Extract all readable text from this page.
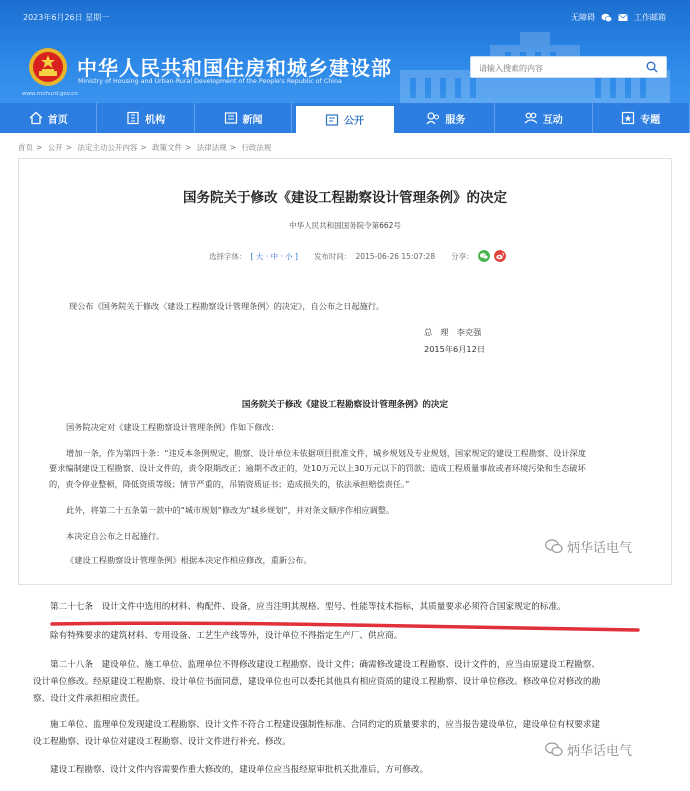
2023年6月26日 星期一	无障碍	工作邮箱
中华人民共和国住房和城乡建设部
Ministry of Housing and Urban-Rural Development of the People's Republic of China
www.mohurd.gov.cn
请输入搜索的内容
首页	机构	新闻	公开	服务	互动	专题
首页 > 公开 > 法定主动公开内容 > 政策文件 > 法律法规 > 行政法规
国务院关于修改《建设工程勘察设计管理条例》的决定
中华人民共和国国务院令第662号
选择字体： [ 大 · 中 · 小 ] 发布时间： 2015-06-26 15:07:28 分享：
现公布《国务院关于修改〈建设工程勘察设计管理条例〉的决定》，自公布之日起施行。
总　理　李克强
2015年6月12日
国务院关于修改《建设工程勘察设计管理条例》的决定
国务院决定对《建设工程勘察设计管理条例》作如下修改：
增加一条，作为第四十条：“违反本条例规定，勘察、设计单位未依据项目批准文件，城乡规划及专业规划，国家规定的建设工程勘察、设计深度
要求编制建设工程勘察、设计文件的，责令限期改正；逾期不改正的，处10万元以上30万元以下的罚款；造成工程质量事故或者环境污染和生态破坏
的，责令停业整顿，降低资质等级；情节严重的，吊销资质证书；造成损失的，依法承担赔偿责任。”
此外，将第二十五条第一款中的“城市规划”修改为“城乡规划”，并对条文顺序作相应调整。
本决定自公布之日起施行。
《建设工程勘察设计管理条例》根据本决定作相应修改，重新公布。
炳华话电气
炳华话电气
第二十七条　设计文件中选用的材料、构配件、设备，应当注明其规格、型号、性能等技术指标，其质量要求必须符合国家规定的标准。
除有特殊要求的建筑材料、专用设备、工艺生产线等外，设计单位不得指定生产厂、供应商。
第二十八条　建设单位、施工单位、监理单位不得修改建设工程勘察、设计文件；确需修改建设工程勘察、设计文件的，应当由原建设工程勘察、
设计单位修改。经原建设工程勘察、设计单位书面同意，建设单位也可以委托其他具有相应资质的建设工程勘察、设计单位修改。修改单位对修改的勘
察、设计文件承担相应责任。
施工单位、监理单位发现建设工程勘察、设计文件不符合工程建设强制性标准、合同约定的质量要求的，应当报告建设单位，建设单位有权要求建
设工程勘察、设计单位对建设工程勘察、设计文件进行补充、修改。
建设工程勘察、设计文件内容需要作重大修改的，建设单位应当报经原审批机关批准后，方可修改。
